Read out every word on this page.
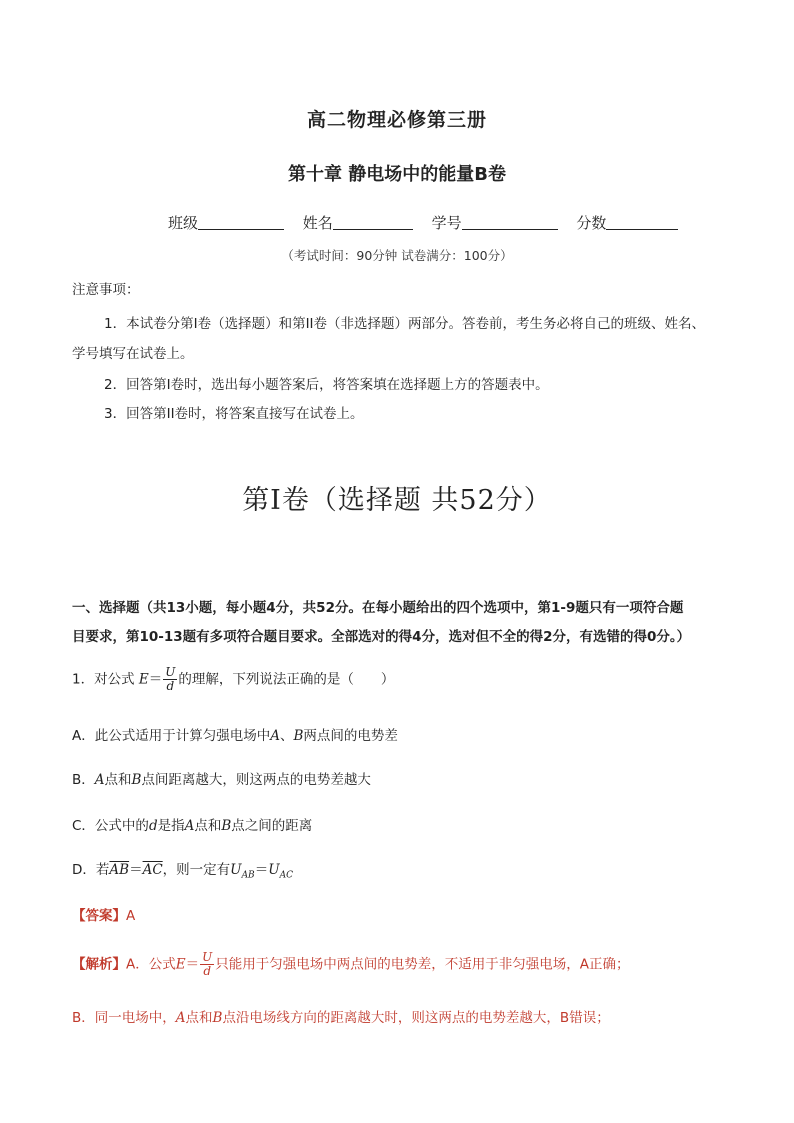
高二物理必修第三册
第十章 静电场中的能量B卷
班级	姓名	学号	分数
（考试时间：90分钟 试卷满分：100分）
注意事项：
1．本试卷分第Ⅰ卷（选择题）和第II卷（非选择题）两部分。答卷前，考生务必将自己的班级、姓名、
学号填写在试卷上。
2．回答第Ⅰ卷时，选出每小题答案后，将答案填在选择题上方的答题表中。
3．回答第II卷时，将答案直接写在试卷上。
第Ⅰ卷（选择题 共52分）
一、选择题（共13小题，每小题4分，共52分。在每小题给出的四个选项中，第1-9题只有一项符合题
目要求，第10-13题有多项符合题目要求。全部选对的得4分，选对但不全的得2分，有选错的得0分。）
1．对公式 $E= \frac{U}{d}$ 的理解，下列说法正确的是（　　）
A．此公式适用于计算匀强电场中A、B两点间的电势差
B．A点和B点间距离越大，则这两点的电势差越大
C．公式中的d是指A点和B点之间的距离
D．若$\overline{AB}=\overline{AC}$，则一定有$U_{AB}=U_{AC}$
【答案】A
【解析】A．公式$E= \frac{U}{d}$ 只能用于匀强电场中两点间的电势差，不适用于非匀强电场，A正确；
B．同一电场中，A点和B点沿电场线方向的距离越大时，则这两点的电势差越大，B错误；
